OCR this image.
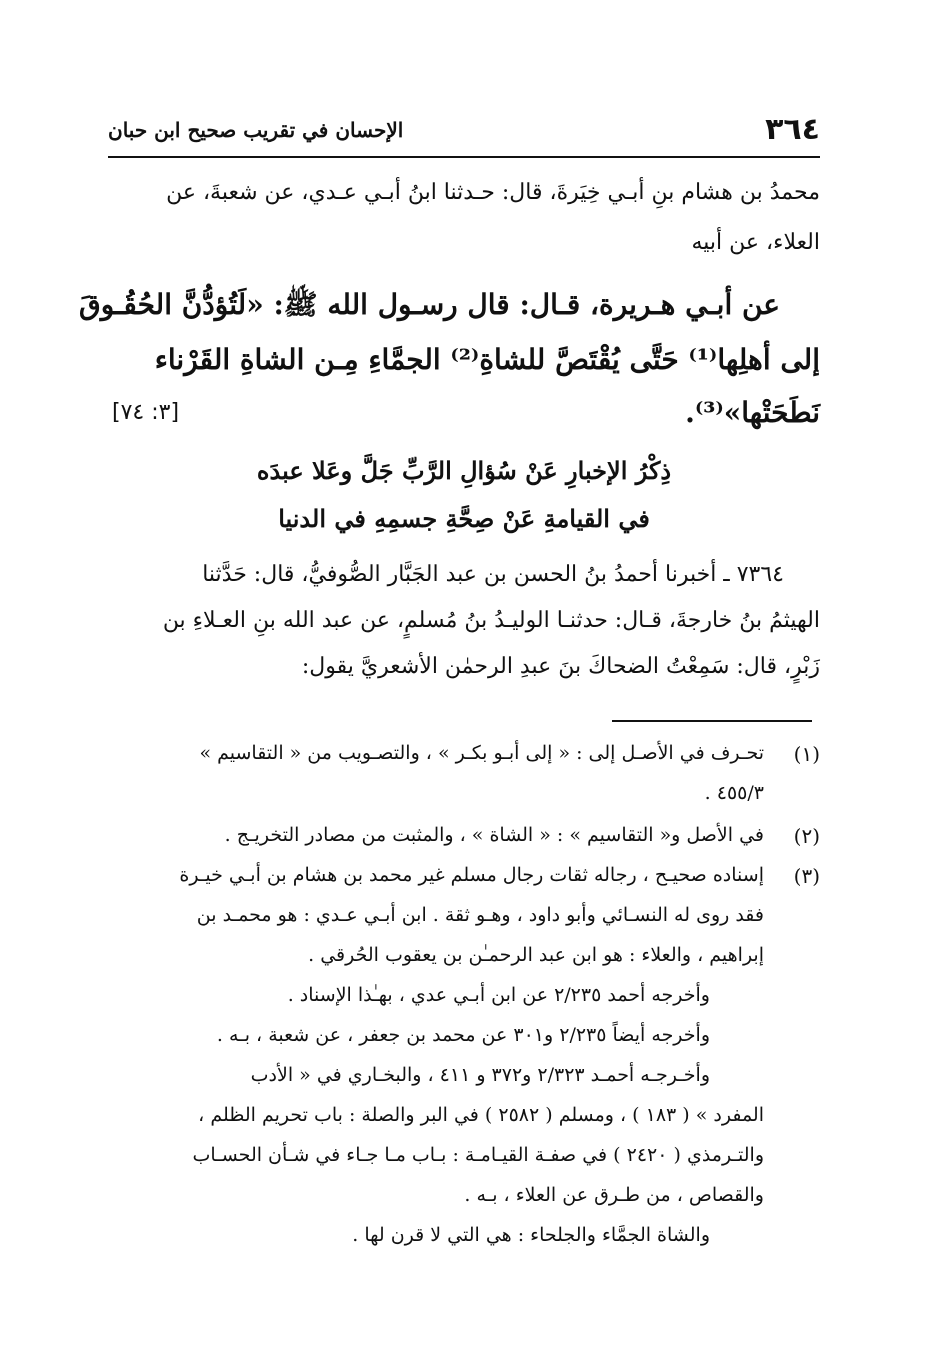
٣٦٤
الإحسان في تقريب صحيح ابن حبان
محمدُ بن هشام بنِ أبـي خِيَرةَ، قال: حـدثنا ابنُ أبـي عـدي، عن شعبةَ، عن
العلاء، عن أبيه
عن أبـي هـريرة، قـال: قال رسـول الله ﷺ: «لَتُؤدُّنَّ الحُقُـوقَ
إلى أهلِها⁽¹⁾ حَتَّى يُقْتَصَّ للشاةِ⁽²⁾ الجمَّاءِ مِـن الشاةِ القَرْناء
نَطَحَتْها»⁽³⁾.
[٣: ٧٤]
ذِكْرُ الإخبارِ عَنْ سُؤالِ الرَّبِّ جَلَّ وعَلا عبدَه
في القيامةِ عَنْ صِحَّةِ جسمِهِ في الدنيا
٧٣٦٤ ـ أخبرنا أحمدُ بنُ الحسن بن عبد الجَبَّار الصُّوفيُّ، قال: حَدَّثنا
الهيثمُ بنُ خارجةَ، قـال: حدثنـا الوليـدُ بنُ مُسلمٍ، عن عبد الله بنِ العـلاءِ بن
زَبْرٍ، قال: سَمِعْتُ الضحاكَ بنَ عبدِ الرحمٰن الأشعريَّ يقول:
(١)
تحـرف في الأصـل إلى : « إلى أبـو بكـر » ، والتصـويب من « التقاسيم »
٤٥٥/٣ .
(٢)
في الأصل و« التقاسيم » : « الشاة » ، والمثبت من مصادر التخريـج .
(٣)
إسناده صحيـح ، رجاله ثقات رجال مسلم غير محمد بن هشام بن أبـي خيـرة
فقد روى له النسـائي وأبو داود ، وهـو ثقة . ابن أبـي عـدي : هو محمـد بن
إبراهيم ، والعلاء : هو ابن عبد الرحمـٰن بن يعقوب الحُرقي .
وأخرجه أحمد ٢/٢٣٥ عن ابن أبـي عدي ، بهـٰذا الإسناد .
وأخرجه أيضاً ٢/٢٣٥ و٣٠١ عن محمد بن جعفر ، عن شعبة ، بـه .
وأخـرجـه أحمـد ٢/٣٢٣ و٣٧٢ و ٤١١ ، والبخـاري في « الأدب
المفرد » ( ١٨٣ ) ، ومسلم ( ٢٥٨٢ ) في البر والصلة : باب تحريم الظلم ،
والتـرمذي ( ٢٤٢٠ ) في صفـة القيـامـة : بـاب مـا جـاء في شـأن الحسـاب
والقصاص ، من طـرق عن العلاء ، بـه .
والشاة الجمَّاء والجلحاء : هي التي لا قرن لها .
